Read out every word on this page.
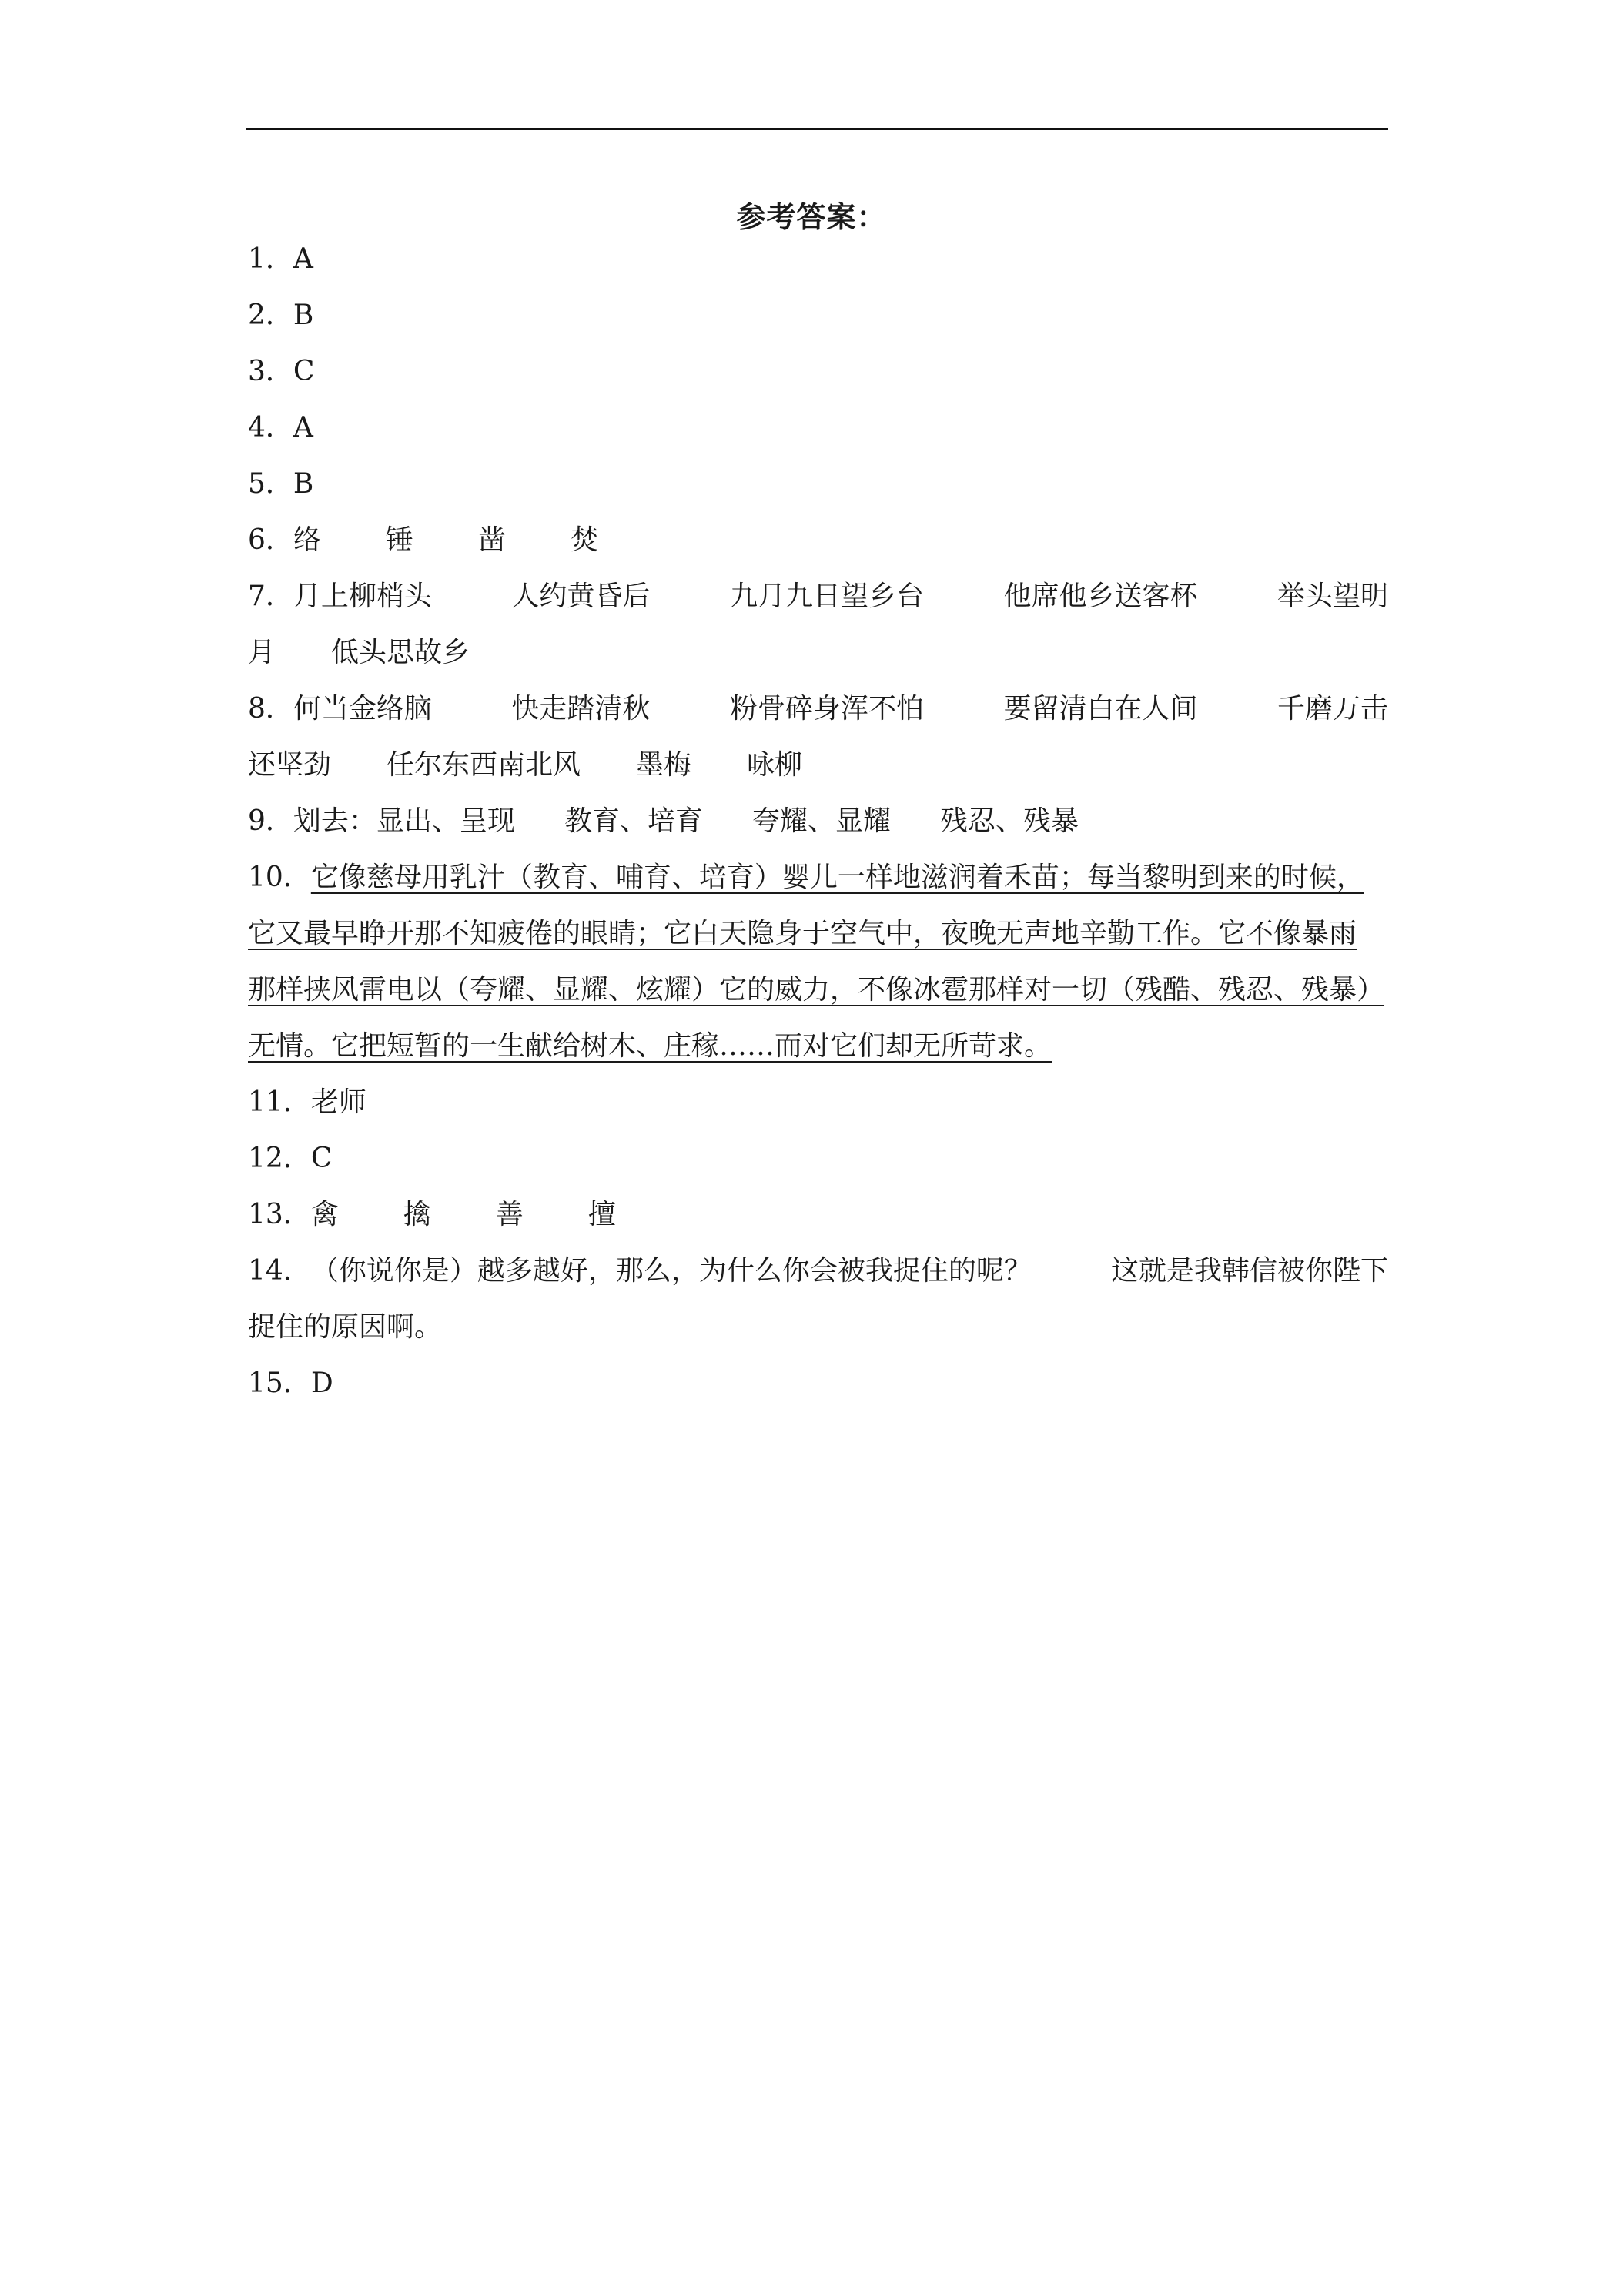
参考答案：
1．A
2．B
3．C
4．A
5．B
6．络 锤 凿 焚
7．月上柳梢头	人约黄昏后	九月九日望乡台	他席他乡送客杯	举头望明
月 低头思故乡
8．何当金络脑	快走踏清秋	粉骨碎身浑不怕	要留清白在人间	千磨万击
还坚劲 任尔东西南北风 墨梅 咏柳
9．划去：显出、呈现 教育、培育 夸耀、显耀 残忍、残暴
10．它像慈母用乳汁（教育、哺育、培育）婴儿一样地滋润着禾苗；每当黎明到来的时候，
它又最早睁开那不知疲倦的眼睛；它白天隐身于空气中，夜晚无声地辛勤工作。它不像暴雨
那样挟风雷电以（夸耀、显耀、炫耀）它的威力，不像冰雹那样对一切（残酷、残忍、残暴）
无情。它把短暂的一生献给树木、庄稼……而对它们却无所苛求。
11．老师
12．C
13．禽 擒 善 擅
14．（你说你是）越多越好，那么，为什么你会被我捉住的呢？	这就是我韩信被你陛下
捉住的原因啊。
15．D
